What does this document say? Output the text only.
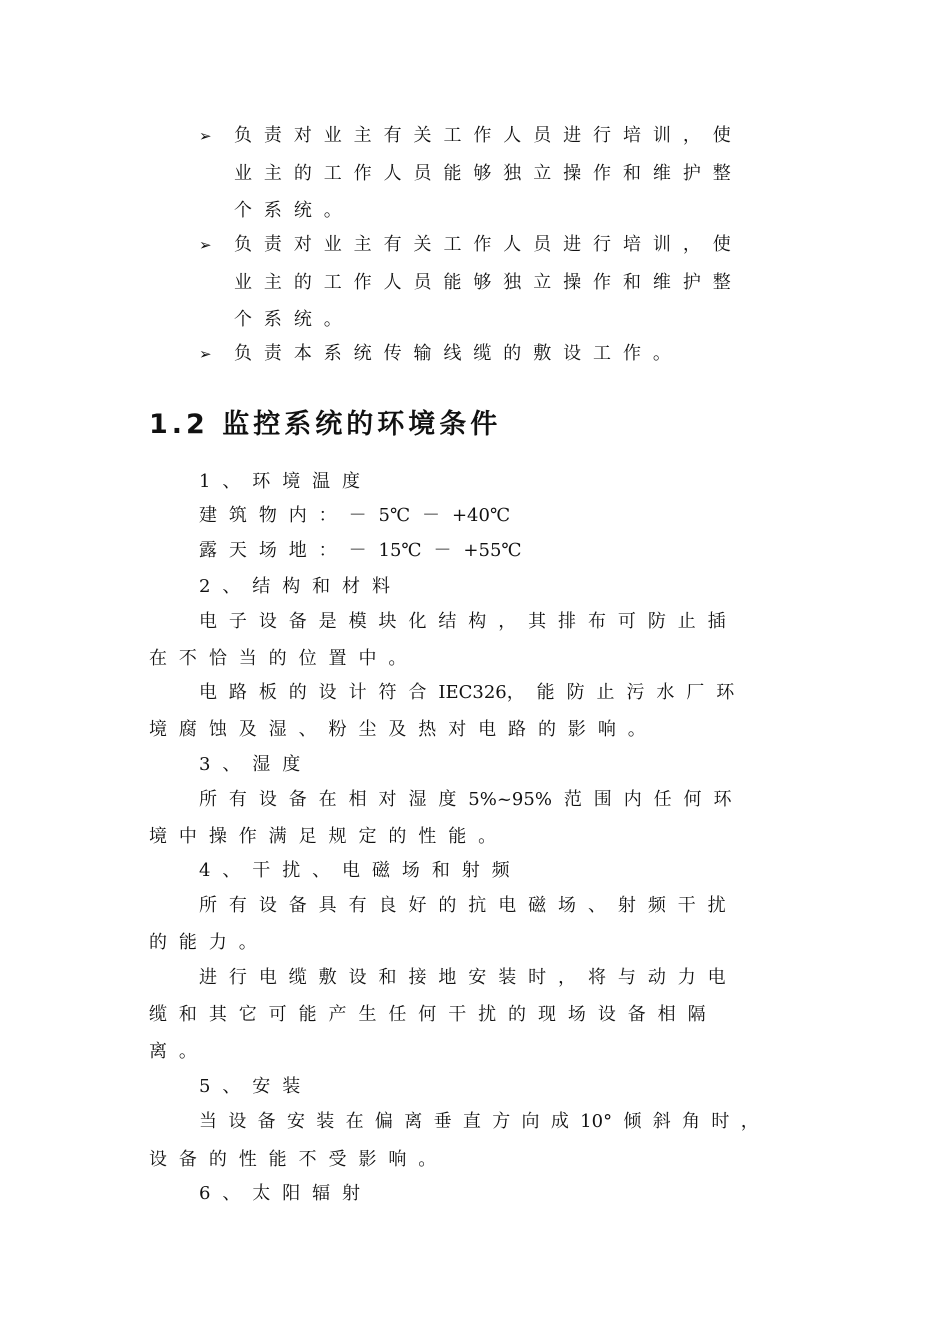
➢ 负 责 对 业 主 有 关 工 作 人 员 进 行 培 训 ， 使
业 主 的 工 作 人 员 能 够 独 立 操 作 和 维 护 整
个 系 统 。
➢ 负 责 对 业 主 有 关 工 作 人 员 进 行 培 训 ， 使
业 主 的 工 作 人 员 能 够 独 立 操 作 和 维 护 整
个 系 统 。
➢ 负 责 本 系 统 传 输 线 缆 的 敷 设 工 作 。
1.2 监控系统的环境条件
1 、 环 境 温 度
建 筑 物 内 ： － 5℃ － +40℃
露 天 场 地 ： － 15℃ － +55℃
2 、 结 构 和 材 料
电 子 设 备 是 模 块 化 结 构 ， 其 排 布 可 防 止 插
在 不 恰 当 的 位 置 中 。
电 路 板 的 设 计 符 合 IEC326， 能 防 止 污 水 厂 环
境 腐 蚀 及 湿 、 粉 尘 及 热 对 电 路 的 影 响 。
3 、 湿 度
所 有 设 备 在 相 对 湿 度 5%~95% 范 围 内 任 何 环
境 中 操 作 满 足 规 定 的 性 能 。
4 、 干 扰 、 电 磁 场 和 射 频
所 有 设 备 具 有 良 好 的 抗 电 磁 场 、 射 频 干 扰
的 能 力 。
进 行 电 缆 敷 设 和 接 地 安 装 时 ， 将 与 动 力 电
缆 和 其 它 可 能 产 生 任 何 干 扰 的 现 场 设 备 相 隔
离 。
5 、 安 装
当 设 备 安 装 在 偏 离 垂 直 方 向 成 10° 倾 斜 角 时 ，
设 备 的 性 能 不 受 影 响 。
6 、 太 阳 辐 射
